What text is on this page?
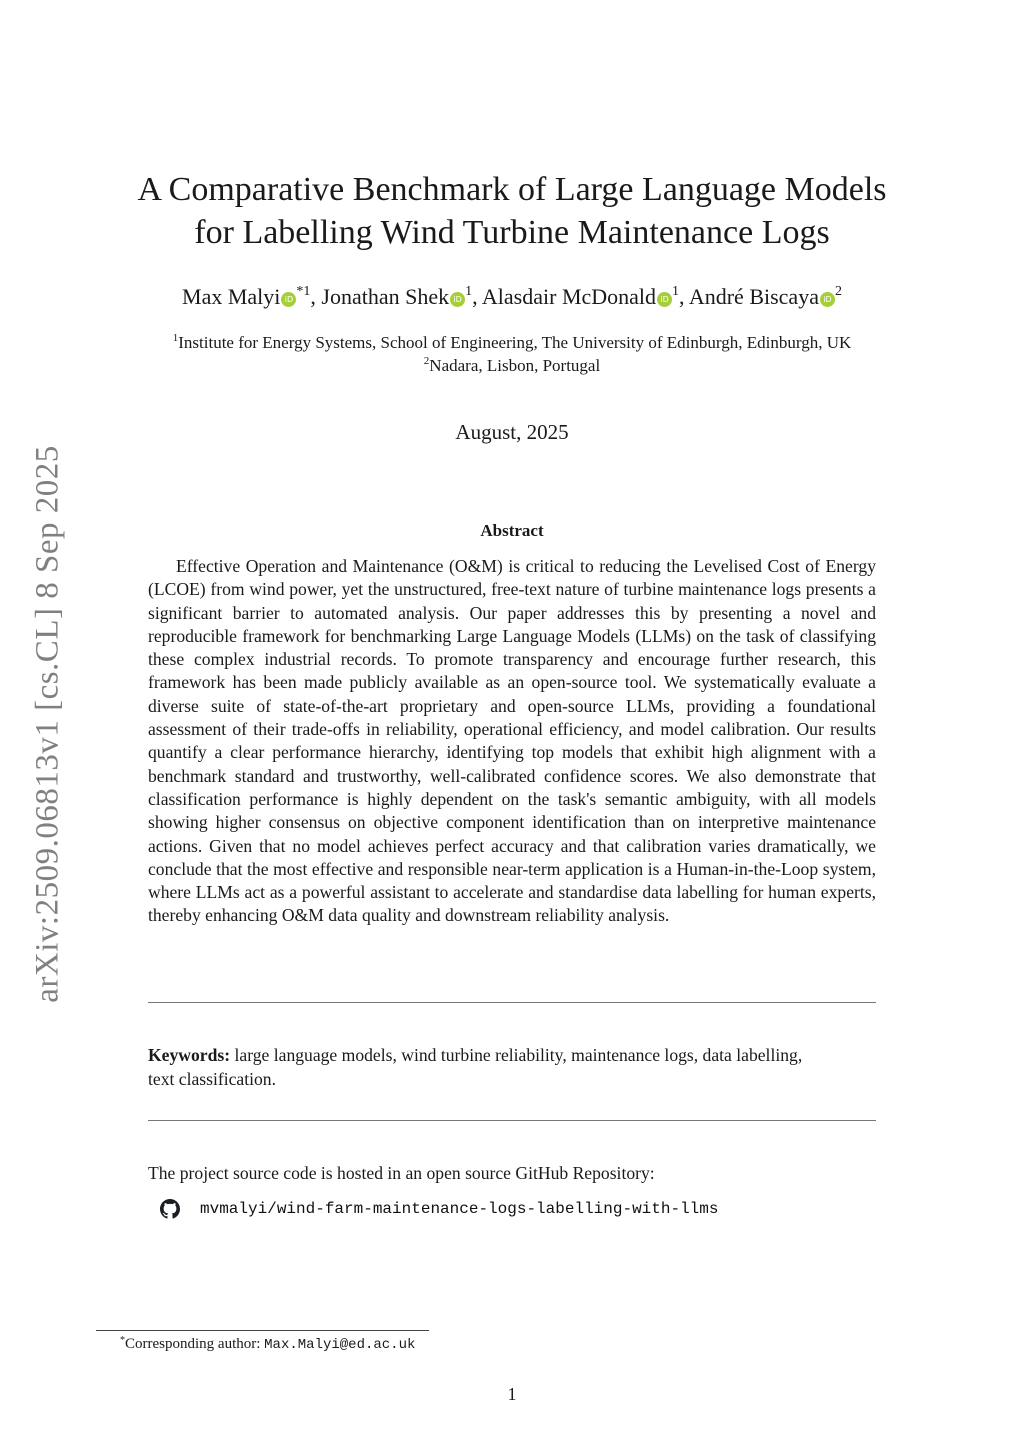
arXiv:2509.06813v1 [cs.CL] 8 Sep 2025
A Comparative Benchmark of Large Language Models
for Labelling Wind Turbine Maintenance Logs
Max Malyi $iD^{*1}$, Jonathan Shek $iD^1$, Alasdair McDonald $iD^1$, André Biscaya $iD^2$
$^1$Institute for Energy Systems, School of Engineering, The University of Edinburgh, Edinburgh, UK
$^2$Nadara, Lisbon, Portugal
August, 2025
Abstract

Effective Operation and Maintenance (O&M) is critical to reducing the Levelised Cost of Energy (LCOE) from wind power, yet the unstructured, free-text nature of turbine maintenance logs presents a significant barrier to automated analysis. Our paper addresses this by presenting a novel and reproducible framework for benchmarking Large Language Models (LLMs) on the task of classifying these complex industrial records. To promote transparency and encourage further research, this framework has been made publicly available as an open-source tool. We systematically evaluate a diverse suite of state-of-the-art proprietary and open-source LLMs, providing a foundational assessment of their trade-offs in reliability, operational efficiency, and model calibration. Our results quantify a clear performance hierarchy, identifying top models that exhibit high alignment with a benchmark standard and trustworthy, well-calibrated confidence scores. We also demonstrate that classification performance is highly dependent on the task's semantic ambiguity, with all models showing higher consensus on objective component identification than on interpretive maintenance actions. Given that no model achieves perfect accuracy and that calibration varies dramatically, we conclude that the most effective and responsible near-term application is a Human-in-the-Loop system, where LLMs act as a powerful assistant to accelerate and standardise data labelling for human experts, thereby enhancing O&M data quality and downstream reliability analysis.

Keywords: large language models, wind turbine reliability, maintenance logs, data labelling, text classification.
The project source code is hosted in an open source GitHub Repository:
mvmalyi/wind-farm-maintenance-logs-labelling-with-llms
*Corresponding author: Max.Malyi@ed.ac.uk
1
